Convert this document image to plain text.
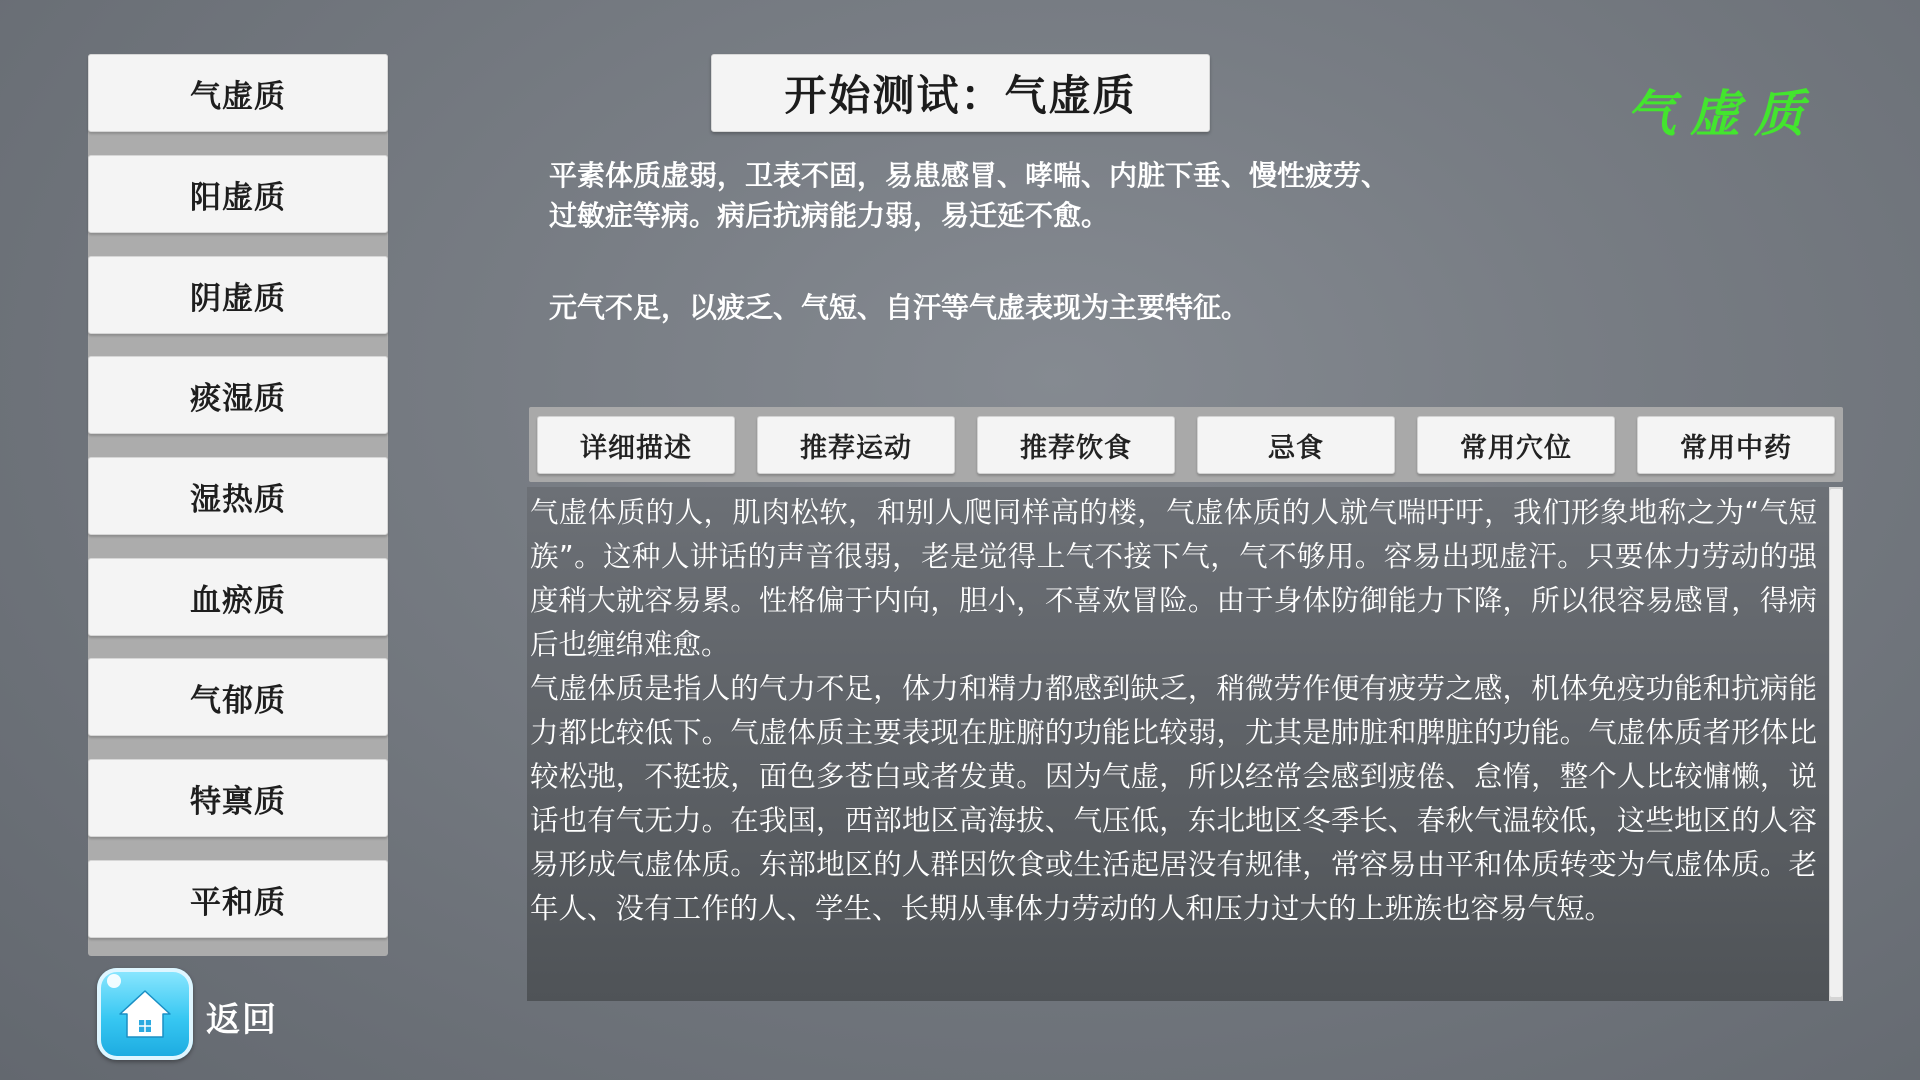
气虚质
阳虚质
阴虚质
痰湿质
湿热质
血瘀质
气郁质
特禀质
平和质
返回
开始测试：气虚质	气虚质
平素体质虚弱，卫表不固，易患感冒、哮喘、内脏下垂、慢性疲劳、
过敏症等病。病后抗病能力弱，易迁延不愈。
元气不足，以疲乏、气短、自汗等气虚表现为主要特征。
详细描述	推荐运动	推荐饮食	忌食	常用穴位	常用中药

气虚体质的人，肌肉松软，和别人爬同样高的楼，气虚体质的人就气喘吁吁，我们形象地称之为“气短族”。这种人讲话的声音很弱，老是觉得上气不接下气，气不够用。容易出现虚汗。只要体力劳动的强度稍大就容易累。性格偏于内向，胆小，不喜欢冒险。由于身体防御能力下降，所以很容易感冒，得病后也缠绵难愈。

气虚体质是指人的气力不足，体力和精力都感到缺乏，稍微劳作便有疲劳之感，机体免疫功能和抗病能力都比较低下。气虚体质主要表现在脏腑的功能比较弱，尤其是肺脏和脾脏的功能。气虚体质者形体比较松弛，不挺拔，面色多苍白或者发黄。因为气虚，所以经常会感到疲倦、怠惰，整个人比较慵懒，说话也有气无力。在我国，西部地区高海拔、气压低，东北地区冬季长、春秋气温较低，这些地区的人容易形成气虚体质。东部地区的人群因饮食或生活起居没有规律，常容易由平和体质转变为气虚体质。老年人、没有工作的人、学生、长期从事体力劳动的人和压力过大的上班族也容易气短。
